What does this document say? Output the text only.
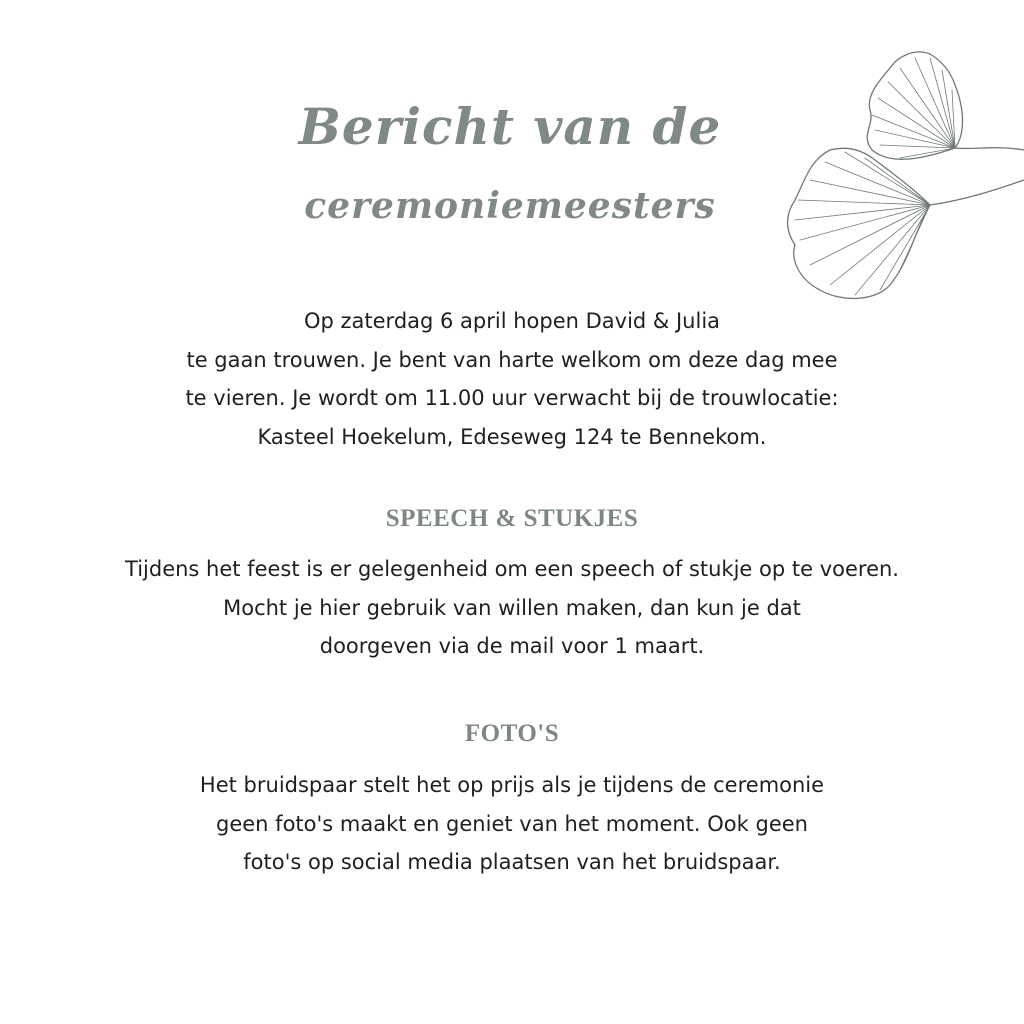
Bericht van de
ceremoniemeesters

Op zaterdag 6 april hopen David & Julia
te gaan trouwen. Je bent van harte welkom om deze dag mee
te vieren. Je wordt om 11.00 uur verwacht bij de trouwlocatie:
Kasteel Hoekelum, Edeseweg 124 te Bennekom.

SPEECH & STUKJES

Tijdens het feest is er gelegenheid om een speech of stukje op te voeren.
Mocht je hier gebruik van willen maken, dan kun je dat
doorgeven via de mail voor 1 maart.

FOTO'S

Het bruidspaar stelt het op prijs als je tijdens de ceremonie
geen foto's maakt en geniet van het moment. Ook geen
foto's op social media plaatsen van het bruidspaar.
